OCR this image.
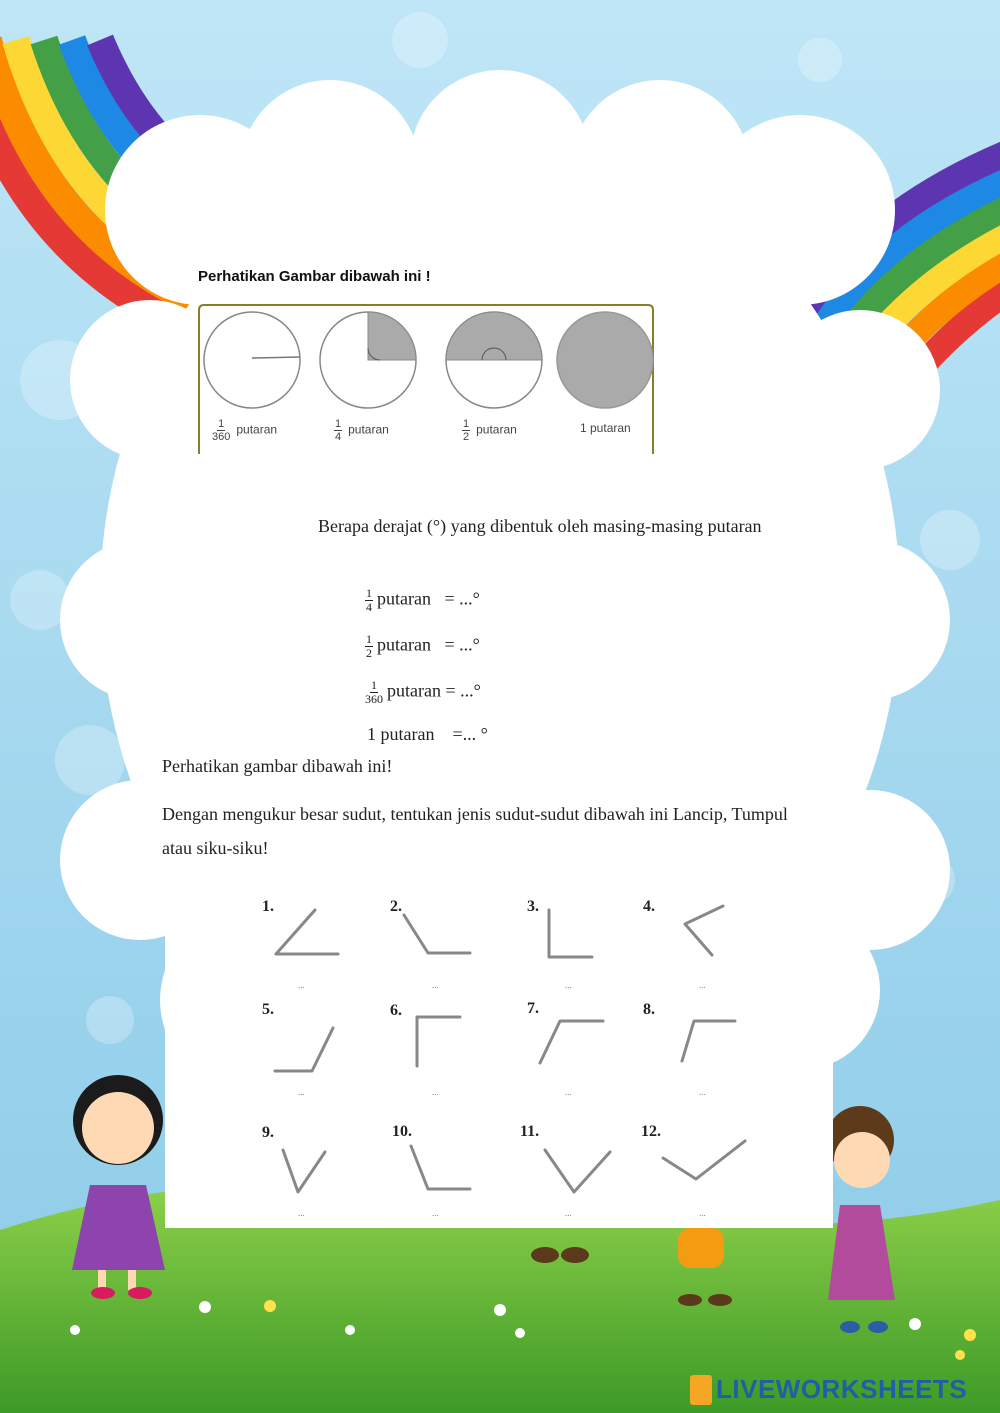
Perhatikan Gambar dibawah ini !
$\frac{1}{360}$ putaran	$\frac{1}{4}$ putaran	$\frac{1}{2}$ putaran	1 putaran
Berapa derajat (°) yang dibentuk oleh masing-masing putaran

$\frac{1}{4}$ putaran   = ...°

$\frac{1}{2}$ putaran   = ...°

$\frac{1}{360}$ putaran = ...°

1 putaran    =... °

Perhatikan gambar dibawah ini!
Dengan mengukur besar sudut, tentukan jenis sudut-sudut dibawah ini Lancip, Tumpul
atau siku-siku!
1.	2.	3.	4.
5.	6.	7.	8.
9.	10.	11.	12.
...	...	...	...
...	...	...	...
...	...	...	...
LIVEWORKSHEETS
